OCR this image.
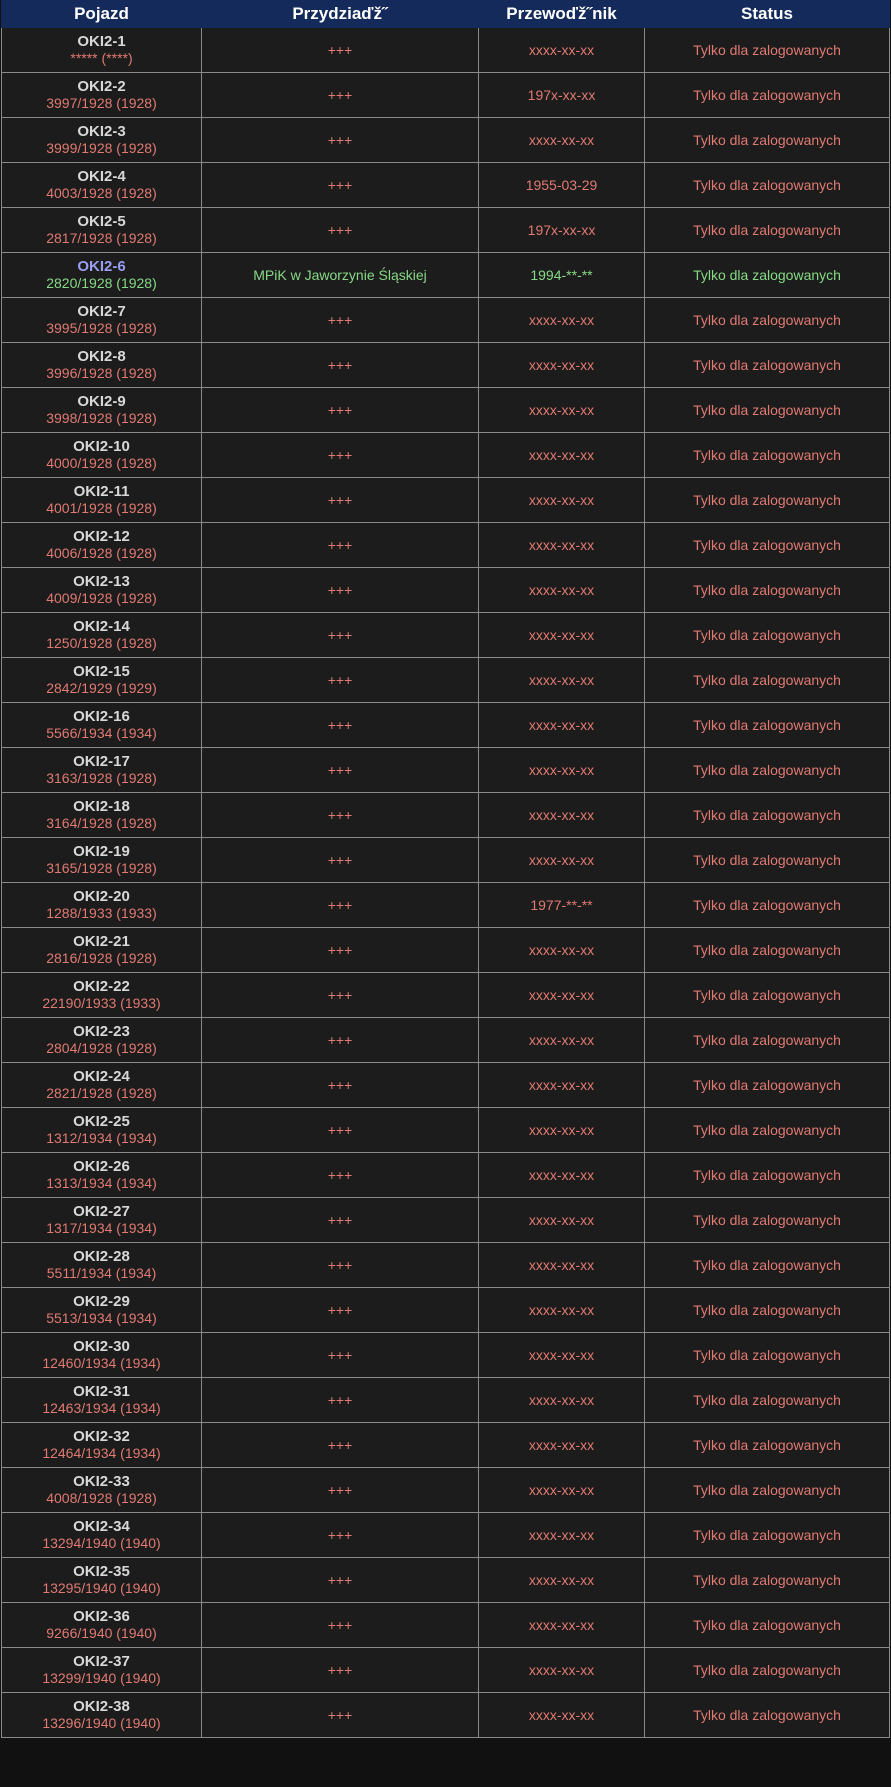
Pojazd	Przydziaďž˝	Przewoďž˝nik	Status

OKI2-1
***** (****)	+++	xxxx-xx-xx	Tylko dla zalogowanych

OKI2-2
3997/1928 (1928)	+++	197x-xx-xx	Tylko dla zalogowanych

OKI2-3
3999/1928 (1928)	+++	xxxx-xx-xx	Tylko dla zalogowanych

OKI2-4
4003/1928 (1928)	+++	1955-03-29	Tylko dla zalogowanych

OKI2-5
2817/1928 (1928)	+++	197x-xx-xx	Tylko dla zalogowanych

OKI2-6
2820/1928 (1928)	MPiK w Jaworzynie Śląskiej	1994-**-**	Tylko dla zalogowanych

OKI2-7
3995/1928 (1928)	+++	xxxx-xx-xx	Tylko dla zalogowanych

OKI2-8
3996/1928 (1928)	+++	xxxx-xx-xx	Tylko dla zalogowanych

OKI2-9
3998/1928 (1928)	+++	xxxx-xx-xx	Tylko dla zalogowanych

OKI2-10
4000/1928 (1928)	+++	xxxx-xx-xx	Tylko dla zalogowanych

OKI2-11
4001/1928 (1928)	+++	xxxx-xx-xx	Tylko dla zalogowanych

OKI2-12
4006/1928 (1928)	+++	xxxx-xx-xx	Tylko dla zalogowanych

OKI2-13
4009/1928 (1928)	+++	xxxx-xx-xx	Tylko dla zalogowanych

OKI2-14
1250/1928 (1928)	+++	xxxx-xx-xx	Tylko dla zalogowanych

OKI2-15
2842/1929 (1929)	+++	xxxx-xx-xx	Tylko dla zalogowanych

OKI2-16
5566/1934 (1934)	+++	xxxx-xx-xx	Tylko dla zalogowanych

OKI2-17
3163/1928 (1928)	+++	xxxx-xx-xx	Tylko dla zalogowanych

OKI2-18
3164/1928 (1928)	+++	xxxx-xx-xx	Tylko dla zalogowanych

OKI2-19
3165/1928 (1928)	+++	xxxx-xx-xx	Tylko dla zalogowanych

OKI2-20
1288/1933 (1933)	+++	1977-**-**	Tylko dla zalogowanych

OKI2-21
2816/1928 (1928)	+++	xxxx-xx-xx	Tylko dla zalogowanych

OKI2-22
22190/1933 (1933)	+++	xxxx-xx-xx	Tylko dla zalogowanych

OKI2-23
2804/1928 (1928)	+++	xxxx-xx-xx	Tylko dla zalogowanych

OKI2-24
2821/1928 (1928)	+++	xxxx-xx-xx	Tylko dla zalogowanych

OKI2-25
1312/1934 (1934)	+++	xxxx-xx-xx	Tylko dla zalogowanych

OKI2-26
1313/1934 (1934)	+++	xxxx-xx-xx	Tylko dla zalogowanych

OKI2-27
1317/1934 (1934)	+++	xxxx-xx-xx	Tylko dla zalogowanych

OKI2-28
5511/1934 (1934)	+++	xxxx-xx-xx	Tylko dla zalogowanych

OKI2-29
5513/1934 (1934)	+++	xxxx-xx-xx	Tylko dla zalogowanych

OKI2-30
12460/1934 (1934)	+++	xxxx-xx-xx	Tylko dla zalogowanych

OKI2-31
12463/1934 (1934)	+++	xxxx-xx-xx	Tylko dla zalogowanych

OKI2-32
12464/1934 (1934)	+++	xxxx-xx-xx	Tylko dla zalogowanych

OKI2-33
4008/1928 (1928)	+++	xxxx-xx-xx	Tylko dla zalogowanych

OKI2-34
13294/1940 (1940)	+++	xxxx-xx-xx	Tylko dla zalogowanych

OKI2-35
13295/1940 (1940)	+++	xxxx-xx-xx	Tylko dla zalogowanych

OKI2-36
9266/1940 (1940)	+++	xxxx-xx-xx	Tylko dla zalogowanych

OKI2-37
13299/1940 (1940)	+++	xxxx-xx-xx	Tylko dla zalogowanych

OKI2-38
13296/1940 (1940)	+++	xxxx-xx-xx	Tylko dla zalogowanych
